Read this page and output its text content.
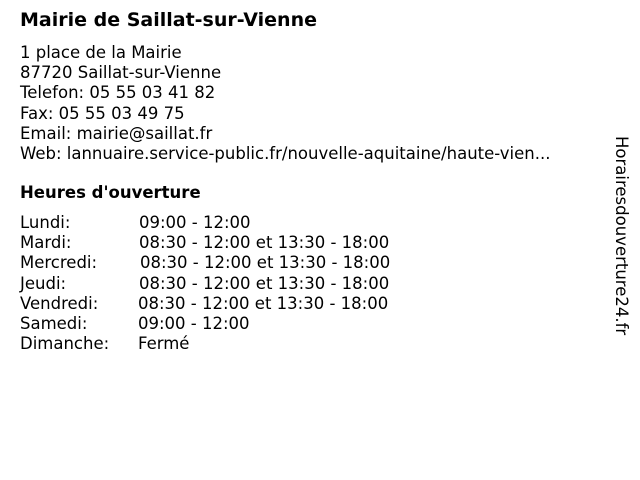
Mairie de Saillat-sur-Vienne
1 place de la Mairie
87720 Saillat-sur-Vienne
Telefon: 05 55 03 41 82
Fax: 05 55 03 49 75
Email: mairie@saillat.fr
Web: lannuaire.service-public.fr/nouvelle-aquitaine/haute-vien...
Heures d'ouverture
Lundi:	09:00 - 12:00
Mardi:	08:30 - 12:00 et 13:30 - 18:00
Mercredi:	08:30 - 12:00 et 13:30 - 18:00
Jeudi:	08:30 - 12:00 et 13:30 - 18:00
Vendredi: 08:30 - 12:00 et 13:30 - 18:00
Samedi:	09:00 - 12:00
Dimanche: Fermé
Horairesdouverture24.fr
